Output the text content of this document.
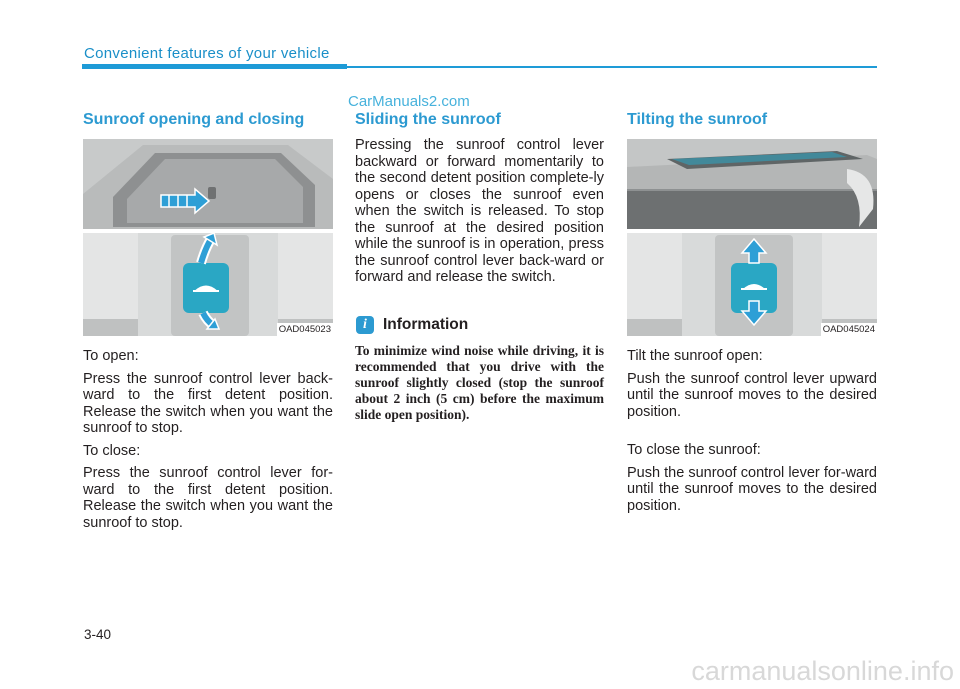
Convenient features of your vehicle
CarManuals2.com
Sunroof opening and closing
OAD045023

To open:

Press the sunroof control lever back-ward to the first detent position. Release the switch when you want the sunroof to stop.

To close:

Press the sunroof control lever for-ward to the first detent position. Release the switch when you want the sunroof to stop.

Sliding the sunroof

Pressing the sunroof control lever backward or forward momentarily to the second detent position complete-ly opens or closes the sunroof even when the switch is released. To stop the sunroof at the desired position while the sunroof is in operation, press the sunroof control lever back-ward or forward and release the switch.

i	Information
To minimize wind noise while driving, it is recommended that you drive with the sunroof slightly closed (stop the sunroof about 2 inch (5 cm) before the maximum slide open position).
Tilting the sunroof
OAD045024

Tilt the sunroof open:

Push the sunroof control lever upward until the sunroof moves to the desired position.

To close the sunroof:

Push the sunroof control lever for-ward until the sunroof moves to the desired position.

3-40
carmanualsonline.info
